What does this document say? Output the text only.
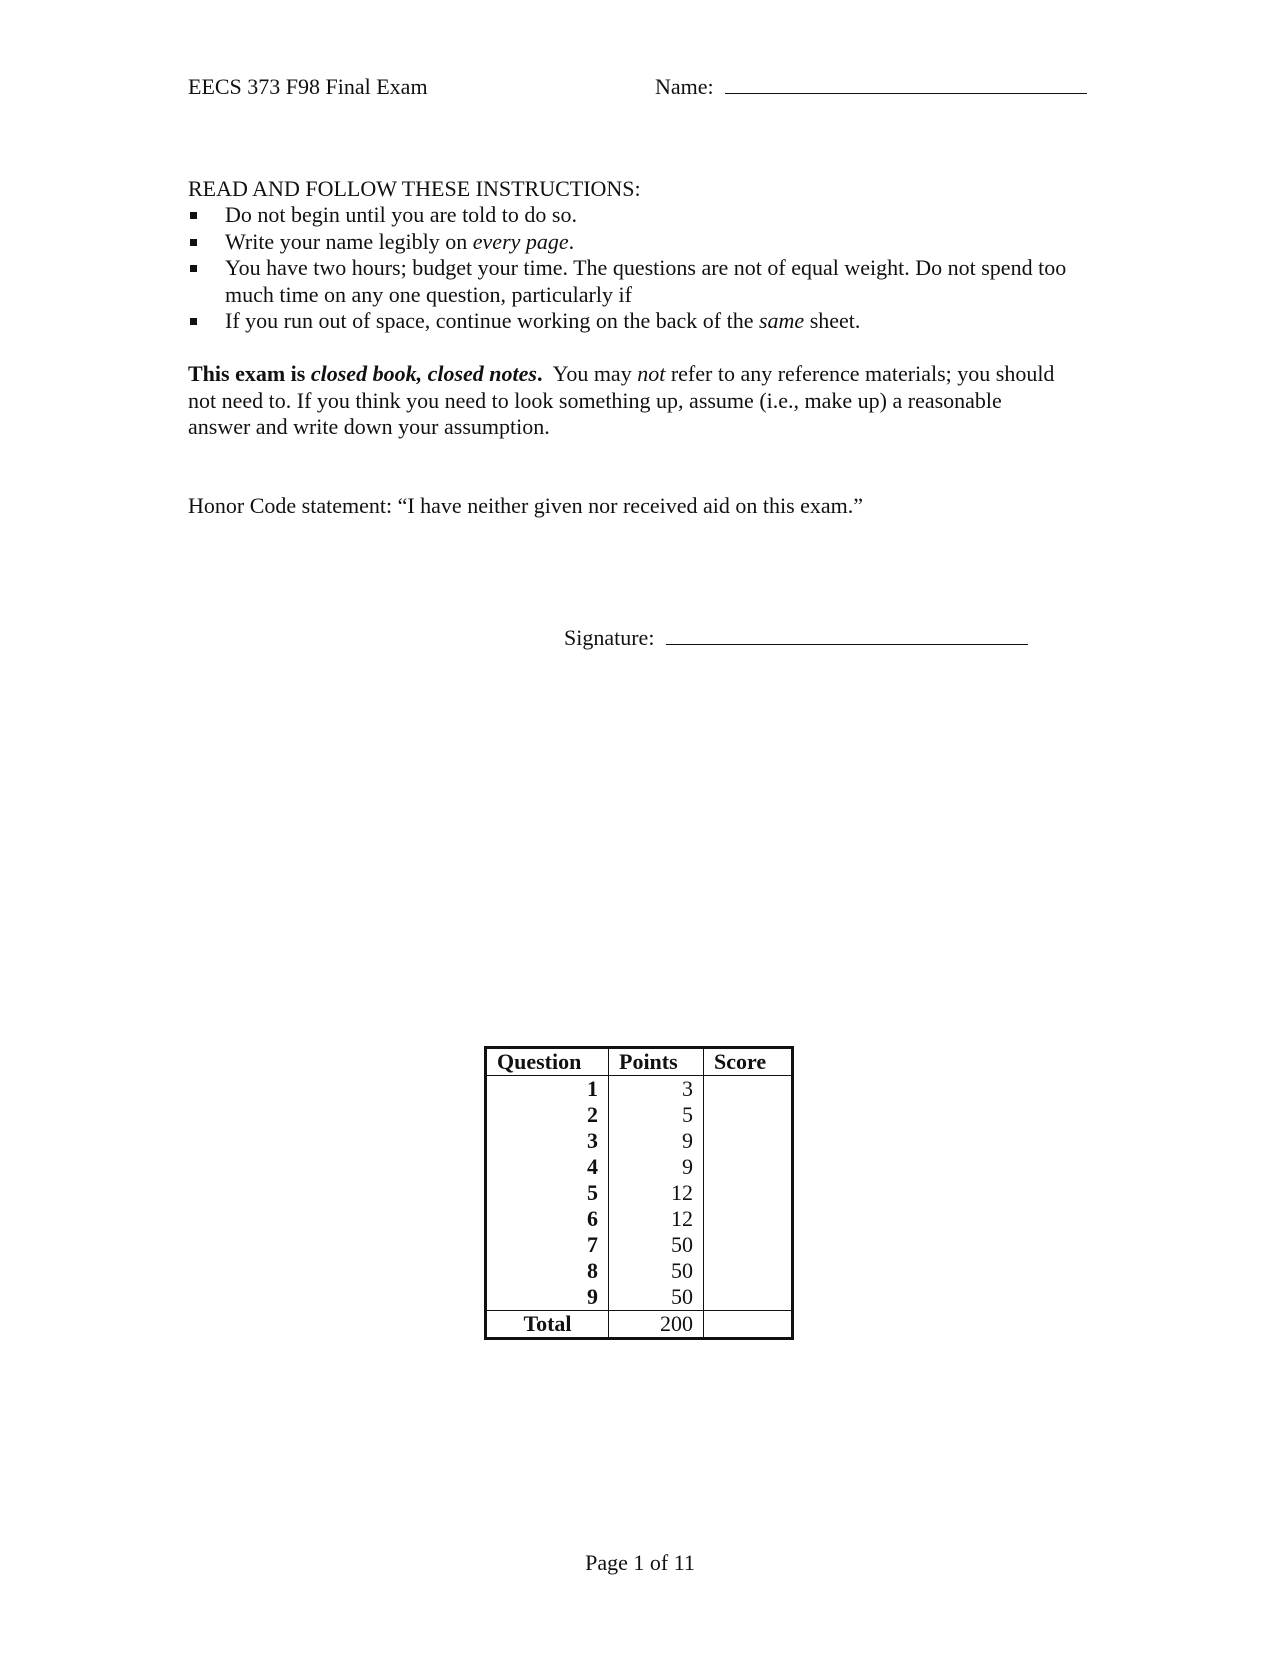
EECS 373 F98 Final Exam	Name:
READ AND FOLLOW THESE INSTRUCTIONS:
Do not begin until you are told to do so.
Write your name legibly on every page.
You have two hours; budget your time. The questions are not of equal weight. Do not spend too much time on any one question, particularly if
If you run out of space, continue working on the back of the same sheet.
This exam is closed book, closed notes.  You may not refer to any reference materials; you should not need to. If you think you need to look something up, assume (i.e., make up) a reasonable answer and write down your assumption.
Honor Code statement: “I have neither given nor received aid on this exam.”
Signature:
Question	Points	Score
1	3	
2	5	
3	9	
4	9	
5	12	
6	12	
7	50	
8	50	
9	50	
Total	200	
Page 1 of 11
